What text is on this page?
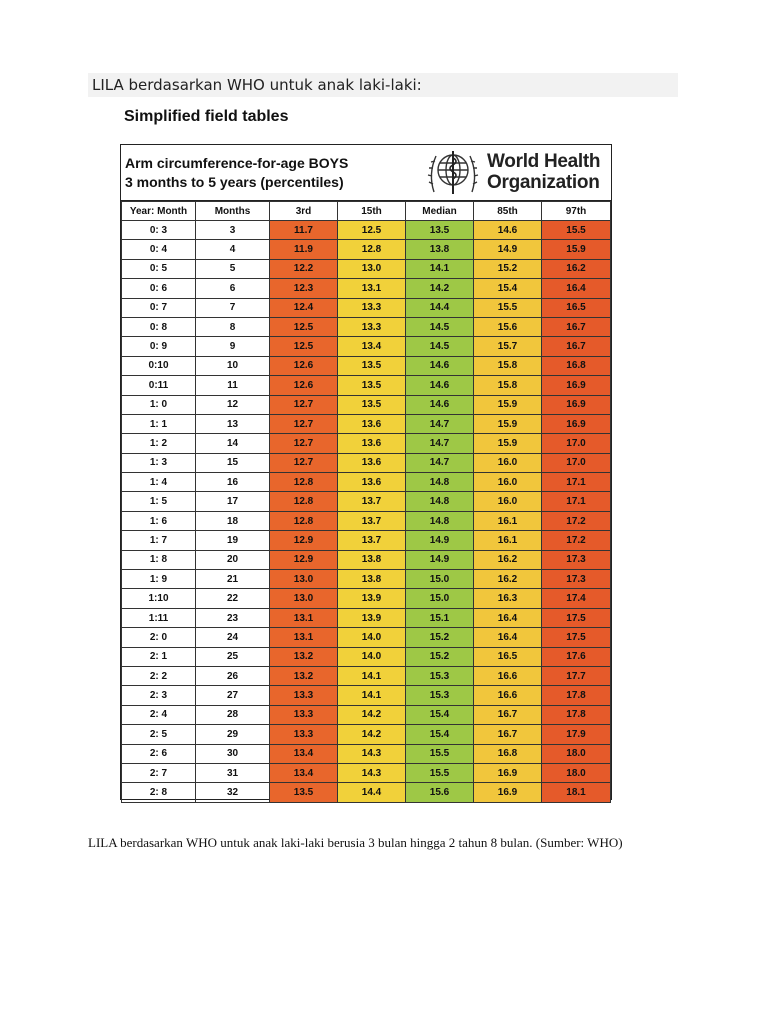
LILA berdasarkan WHO untuk anak laki-laki:
Simplified field tables
Arm circumference-for-age BOYS
3 months to 5 years (percentiles)
World Health
Organization
Year: Month	Months	3rd	15th	Median	85th	97th
0: 3	3	11.7	12.5	13.5	14.6	15.5
0: 4	4	11.9	12.8	13.8	14.9	15.9
0: 5	5	12.2	13.0	14.1	15.2	16.2
0: 6	6	12.3	13.1	14.2	15.4	16.4
0: 7	7	12.4	13.3	14.4	15.5	16.5
0: 8	8	12.5	13.3	14.5	15.6	16.7
0: 9	9	12.5	13.4	14.5	15.7	16.7
0:10	10	12.6	13.5	14.6	15.8	16.8
0:11	11	12.6	13.5	14.6	15.8	16.9
1: 0	12	12.7	13.5	14.6	15.9	16.9
1: 1	13	12.7	13.6	14.7	15.9	16.9
1: 2	14	12.7	13.6	14.7	15.9	17.0
1: 3	15	12.7	13.6	14.7	16.0	17.0
1: 4	16	12.8	13.6	14.8	16.0	17.1
1: 5	17	12.8	13.7	14.8	16.0	17.1
1: 6	18	12.8	13.7	14.8	16.1	17.2
1: 7	19	12.9	13.7	14.9	16.1	17.2
1: 8	20	12.9	13.8	14.9	16.2	17.3
1: 9	21	13.0	13.8	15.0	16.2	17.3
1:10	22	13.0	13.9	15.0	16.3	17.4
1:11	23	13.1	13.9	15.1	16.4	17.5
2: 0	24	13.1	14.0	15.2	16.4	17.5
2: 1	25	13.2	14.0	15.2	16.5	17.6
2: 2	26	13.2	14.1	15.3	16.6	17.7
2: 3	27	13.3	14.1	15.3	16.6	17.8
2: 4	28	13.3	14.2	15.4	16.7	17.8
2: 5	29	13.3	14.2	15.4	16.7	17.9
2: 6	30	13.4	14.3	15.5	16.8	18.0
2: 7	31	13.4	14.3	15.5	16.9	18.0
2: 8	32	13.5	14.4	15.6	16.9	18.1
LILA berdasarkan WHO untuk anak laki-laki berusia 3 bulan hingga 2 tahun 8 bulan. (Sumber: WHO)
